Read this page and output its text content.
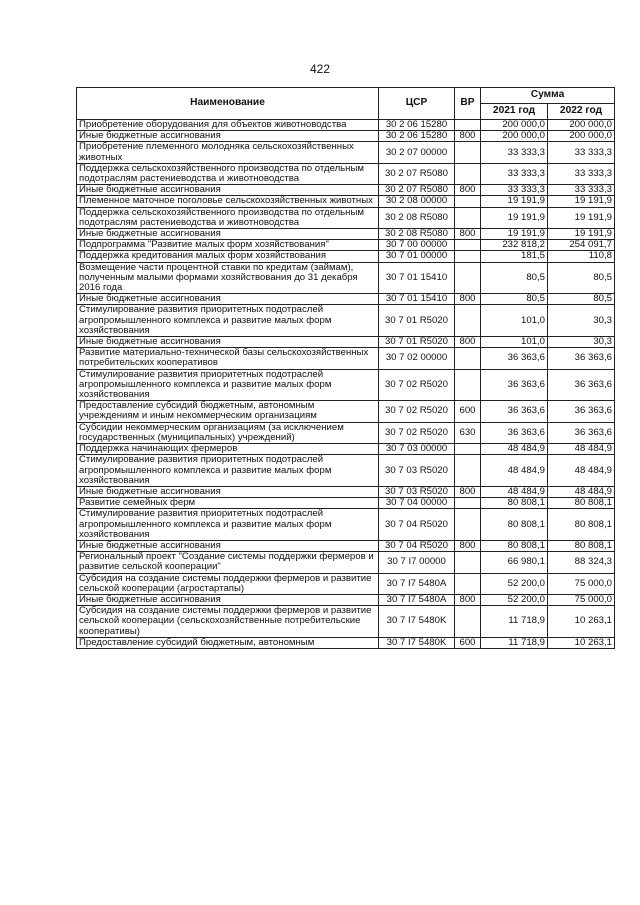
422
Наименование	ЦСР	ВР	Сумма	
			2021 год	2022 год
Приобретение оборудования для объектов животноводства	30 2 06 15280		200 000,0	200 000,0
Иные бюджетные ассигнования	30 2 06 15280	800	200 000,0	200 000,0
Приобретение племенного молодняка сельскохозяйственных животных	30 2 07 00000		33 333,3	33 333,3
Поддержка сельскохозяйственного производства по отдельным подотраслям растениеводства и животноводства	30 2 07 R5080		33 333,3	33 333,3
Иные бюджетные ассигнования	30 2 07 R5080	800	33 333,3	33 333,3
Племенное маточное поголовье сельскохозяйственных животных	30 2 08 00000		19 191,9	19 191,9
Поддержка сельскохозяйственного производства по отдельным подотраслям растениеводства и животноводства	30 2 08 R5080		19 191,9	19 191,9
Иные бюджетные ассигнования	30 2 08 R5080	800	19 191,9	19 191,9
Подпрограмма "Развитие малых форм хозяйствования"	30 7 00 00000		232 818,2	254 091,7
Поддержка кредитования малых форм хозяйствования	30 7 01 00000		181,5	110,8
Возмещение части процентной ставки по кредитам (займам), полученным малыми формами хозяйствования до 31 декабря 2016 года	30 7 01 15410		80,5	80,5
Иные бюджетные ассигнования	30 7 01 15410	800	80,5	80,5
Стимулирование развития приоритетных подотраслей агропромышленного комплекса и развитие малых форм хозяйствования	30 7 01 R5020		101,0	30,3
Иные бюджетные ассигнования	30 7 01 R5020	800	101,0	30,3
Развитие материально-технической базы сельскохозяйственных потребительских кооперативов	30 7 02 00000		36 363,6	36 363,6
Стимулирование развития приоритетных подотраслей агропромышленного комплекса и развитие малых форм хозяйствования	30 7 02 R5020		36 363,6	36 363,6
Предоставление субсидий бюджетным, автономным учреждениям и иным некоммерческим организациям	30 7 02 R5020	600	36 363,6	36 363,6
Субсидии некоммерческим организациям (за исключением государственных (муниципальных) учреждений)	30 7 02 R5020	630	36 363,6	36 363,6
Поддержка начинающих фермеров	30 7 03 00000		48 484,9	48 484,9
Стимулирование развития приоритетных подотраслей агропромышленного комплекса и развитие малых форм хозяйствования	30 7 03 R5020		48 484,9	48 484,9
Иные бюджетные ассигнования	30 7 03 R5020	800	48 484,9	48 484,9
Развитие семейных ферм	30 7 04 00000		80 808,1	80 808,1
Стимулирование развития приоритетных подотраслей агропромышленного комплекса и развитие малых форм хозяйствования	30 7 04 R5020		80 808,1	80 808,1
Иные бюджетные ассигнования	30 7 04 R5020	800	80 808,1	80 808,1
Региональный проект "Создание системы поддержки фермеров и развитие сельской кооперации"	30 7 I7 00000		66 980,1	88 324,3
Субсидия на создание системы поддержки фермеров и развитие сельской кооперации (агростартапы)	30 7 I7 5480A		52 200,0	75 000,0
Иные бюджетные ассигнования	30 7 I7 5480A	800	52 200,0	75 000,0
Субсидия на создание системы поддержки фермеров и развитие сельской кооперации (сельскохозяйственные потребительские кооперативы)	30 7 I7 5480K		11 718,9	10 263,1
Предоставление субсидий бюджетным, автономным	30 7 I7 5480K	600	11 718,9	10 263,1
